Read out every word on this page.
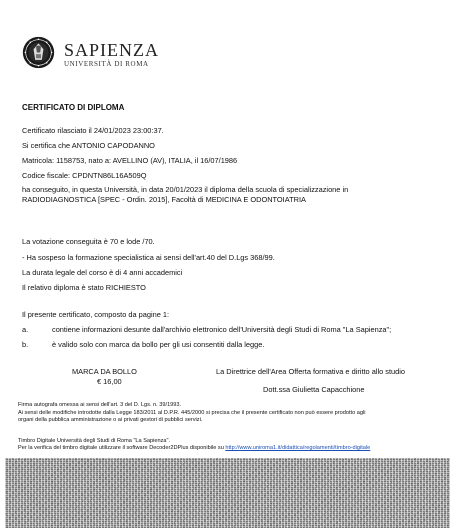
SAPIENZA
UNIVERSITÀ DI ROMA
CERTIFICATO DI DIPLOMA
Certificato rilasciato il 24/01/2023 23:00:37.
Si certifica che ANTONIO CAPODANNO
Matricola: 1158753, nato a: AVELLINO (AV), ITALIA, il 16/07/1986
Codice fiscale: CPDNTN86L16A509Q
ha conseguito, in questa Università, in data 20/01/2023 il diploma della scuola di specializzazione in
RADIODIAGNOSTICA [SPEC - Ordin. 2015], Facoltà di MEDICINA E ODONTOIATRIA
La votazione conseguita è 70 e lode /70.
- Ha sospeso la formazione specialistica ai sensi dell'art.40 del D.Lgs 368/99.
La durata legale del corso è di 4 anni accademici
Il relativo diploma è stato RICHIESTO
Il presente certificato, composto da pagine 1:
a.	contiene informazioni desunte dall'archivio elettronico dell'Università degli Studi di Roma "La Sapienza";
b.	è valido solo con marca da bollo per gli usi consentiti dalla legge.
MARCA DA BOLLO
€ 16,00
La Direttrice dell'Area Offerta formativa e diritto allo studio
Dott.ssa Giulietta Capacchione
Firma autografa omessa ai sensi dell'art. 3 del D. Lgs. n. 39/1993.
Ai sensi delle modifiche introdotte dalla Legge 183/2011 al D.P.R. 445/2000 si precisa che il presente certificato non può essere prodotto agli
organi della pubblica amministrazione o ai privati gestori di pubblici servizi.
Timbro Digitale Università degli Studi di Roma "La Sapienza".
Per la verifica del timbro digitale utilizzare il software Decoder2DPlus disponibile su http://www.uniroma1.it/didattica/regolamenti/timbro-digitale
